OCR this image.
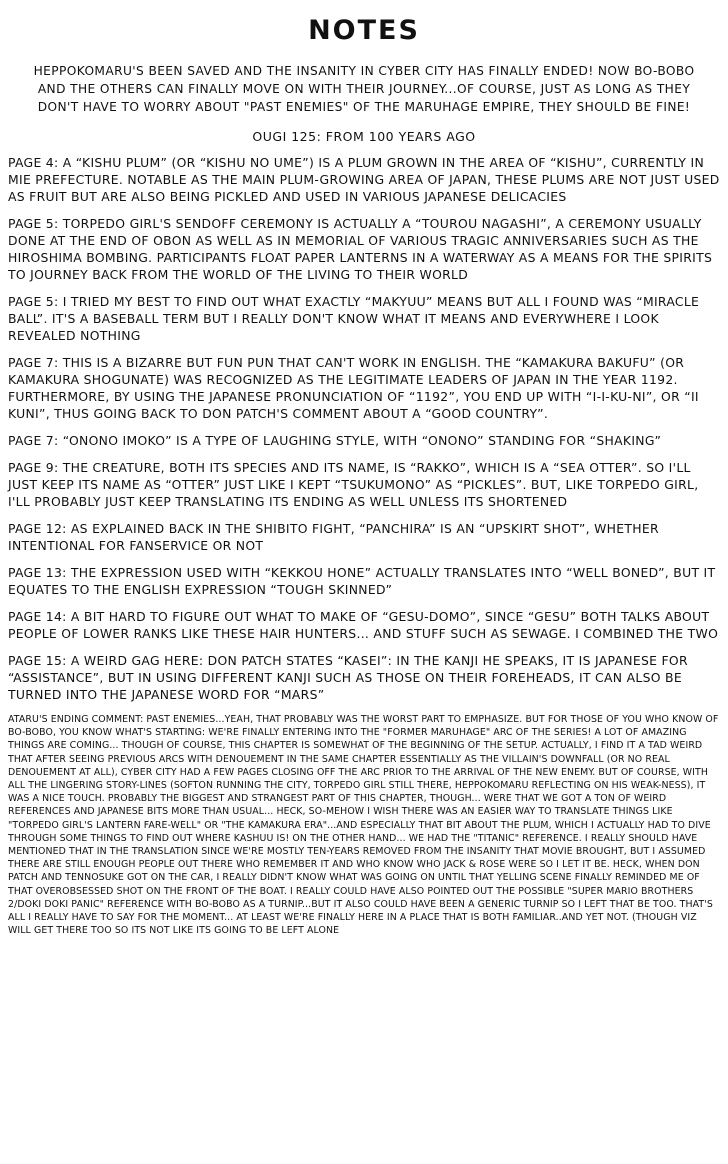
NOTES

HEPPOKOMARU'S BEEN SAVED AND THE INSANITY IN CYBER CITY HAS FINALLY ENDED! NOW BO-BOBO AND THE OTHERS CAN FINALLY MOVE ON WITH THEIR JOURNEY...OF COURSE, JUST AS LONG AS THEY DON'T HAVE TO WORRY ABOUT "PAST ENEMIES" OF THE MARUHAGE EMPIRE, THEY SHOULD BE FINE!

OUGI 125: FROM 100 YEARS AGO

PAGE 4: A “KISHU PLUM” (OR “KISHU NO UME”) IS A PLUM GROWN IN THE AREA OF “KISHU”, CURRENTLY IN MIE PREFECTURE. NOTABLE AS THE MAIN PLUM-GROWING AREA OF JAPAN, THESE PLUMS ARE NOT JUST USED AS FRUIT BUT ARE ALSO BEING PICKLED AND USED IN VARIOUS JAPANESE DELICACIES

PAGE 5: TORPEDO GIRL'S SENDOFF CEREMONY IS ACTUALLY A “TOUROU NAGASHI”, A CEREMONY USUALLY DONE AT THE END OF OBON AS WELL AS IN MEMORIAL OF VARIOUS TRAGIC ANNIVERSARIES SUCH AS THE HIROSHIMA BOMBING. PARTICIPANTS FLOAT PAPER LANTERNS IN A WATERWAY AS A MEANS FOR THE SPIRITS TO JOURNEY BACK FROM THE WORLD OF THE LIVING TO THEIR WORLD

PAGE 5: I TRIED MY BEST TO FIND OUT WHAT EXACTLY “MAKYUU” MEANS BUT ALL I FOUND WAS “MIRACLE BALL”. IT'S A BASEBALL TERM BUT I REALLY DON'T KNOW WHAT IT MEANS AND EVERYWHERE I LOOK REVEALED NOTHING

PAGE 7: THIS IS A BIZARRE BUT FUN PUN THAT CAN'T WORK IN ENGLISH. THE “KAMAKURA BAKUFU” (OR KAMAKURA SHOGUNATE) WAS RECOGNIZED AS THE LEGITIMATE LEADERS OF JAPAN IN THE YEAR 1192. FURTHERMORE, BY USING THE JAPANESE PRONUNCIATION OF “1192”, YOU END UP WITH “I-I-KU-NI”, OR “II KUNI”, THUS GOING BACK TO DON PATCH'S COMMENT ABOUT A “GOOD COUNTRY”.

PAGE 7: “ONONO IMOKO” IS A TYPE OF LAUGHING STYLE, WITH “ONONO” STANDING FOR “SHAKING”

PAGE 9: THE CREATURE, BOTH ITS SPECIES AND ITS NAME, IS “RAKKO”, WHICH IS A “SEA OTTER”. SO I'LL JUST KEEP ITS NAME AS “OTTER” JUST LIKE I KEPT “TSUKUMONO” AS “PICKLES”. BUT, LIKE TORPEDO GIRL, I'LL PROBABLY JUST KEEP TRANSLATING ITS ENDING AS WELL UNLESS ITS SHORTENED

PAGE 12: AS EXPLAINED BACK IN THE SHIBITO FIGHT, “PANCHIRA” IS AN “UPSKIRT SHOT”, WHETHER INTENTIONAL FOR FANSERVICE OR NOT

PAGE 13: THE EXPRESSION USED WITH “KEKKOU HONE” ACTUALLY TRANSLATES INTO “WELL BONED”, BUT IT EQUATES TO THE ENGLISH EXPRESSION “TOUGH SKINNED”

PAGE 14: A BIT HARD TO FIGURE OUT WHAT TO MAKE OF “GESU-DOMO”, SINCE “GESU” BOTH TALKS ABOUT PEOPLE OF LOWER RANKS LIKE THESE HAIR HUNTERS... AND STUFF SUCH AS SEWAGE. I COMBINED THE TWO

PAGE 15: A WEIRD GAG HERE: DON PATCH STATES “KASEI”: IN THE KANJI HE SPEAKS, IT IS JAPANESE FOR “ASSISTANCE”, BUT IN USING DIFFERENT KANJI SUCH AS THOSE ON THEIR FOREHEADS, IT CAN ALSO BE TURNED INTO THE JAPANESE WORD FOR “MARS”

ATARU'S ENDING COMMENT: PAST ENEMIES...YEAH, THAT PROBABLY WAS THE WORST PART TO EMPHASIZE. BUT FOR THOSE OF YOU WHO KNOW OF BO-BOBO, YOU KNOW WHAT'S STARTING: WE'RE FINALLY ENTERING INTO THE "FORMER MARUHAGE" ARC OF THE SERIES! A LOT OF AMAZING THINGS ARE COMING... THOUGH OF COURSE, THIS CHAPTER IS SOMEWHAT OF THE BEGINNING OF THE SETUP. ACTUALLY, I FIND IT A TAD WEIRD THAT AFTER SEEING PREVIOUS ARCS WITH DENOUEMENT IN THE SAME CHAPTER ESSENTIALLY AS THE VILLAIN'S DOWNFALL (OR NO REAL DENOUEMENT AT ALL), CYBER CITY HAD A FEW PAGES CLOSING OFF THE ARC PRIOR TO THE ARRIVAL OF THE NEW ENEMY. BUT OF COURSE, WITH ALL THE LINGERING STORY-LINES (SOFTON RUNNING THE CITY, TORPEDO GIRL STILL THERE, HEPPOKOMARU REFLECTING ON HIS WEAK-NESS), IT WAS A NICE TOUCH. PROBABLY THE BIGGEST AND STRANGEST PART OF THIS CHAPTER, THOUGH... WERE THAT WE GOT A TON OF WEIRD REFERENCES AND JAPANESE BITS MORE THAN USUAL... HECK, SO-MEHOW I WISH THERE WAS AN EASIER WAY TO TRANSLATE THINGS LIKE "TORPEDO GIRL'S LANTERN FARE-WELL" OR "THE KAMAKURA ERA"...AND ESPECIALLY THAT BIT ABOUT THE PLUM, WHICH I ACTUALLY HAD TO DIVE THROUGH SOME THINGS TO FIND OUT WHERE KASHUU IS! ON THE OTHER HAND... WE HAD THE "TITANIC" REFERENCE. I REALLY SHOULD HAVE MENTIONED THAT IN THE TRANSLATION SINCE WE'RE MOSTLY TEN-YEARS REMOVED FROM THE INSANITY THAT MOVIE BROUGHT, BUT I ASSUMED THERE ARE STILL ENOUGH PEOPLE OUT THERE WHO REMEMBER IT AND WHO KNOW WHO JACK & ROSE WERE SO I LET IT BE. HECK, WHEN DON PATCH AND TENNOSUKE GOT ON THE CAR, I REALLY DIDN'T KNOW WHAT WAS GOING ON UNTIL THAT YELLING SCENE FINALLY REMINDED ME OF THAT OVEROBSESSED SHOT ON THE FRONT OF THE BOAT. I REALLY COULD HAVE ALSO POINTED OUT THE POSSIBLE "SUPER MARIO BROTHERS 2/DOKI DOKI PANIC" REFERENCE WITH BO-BOBO AS A TURNIP...BUT IT ALSO COULD HAVE BEEN A GENERIC TURNIP SO I LEFT THAT BE TOO. THAT'S ALL I REALLY HAVE TO SAY FOR THE MOMENT... AT LEAST WE'RE FINALLY HERE IN A PLACE THAT IS BOTH FAMILIAR..AND YET NOT. (THOUGH VIZ WILL GET THERE TOO SO ITS NOT LIKE ITS GOING TO BE LEFT ALONE
